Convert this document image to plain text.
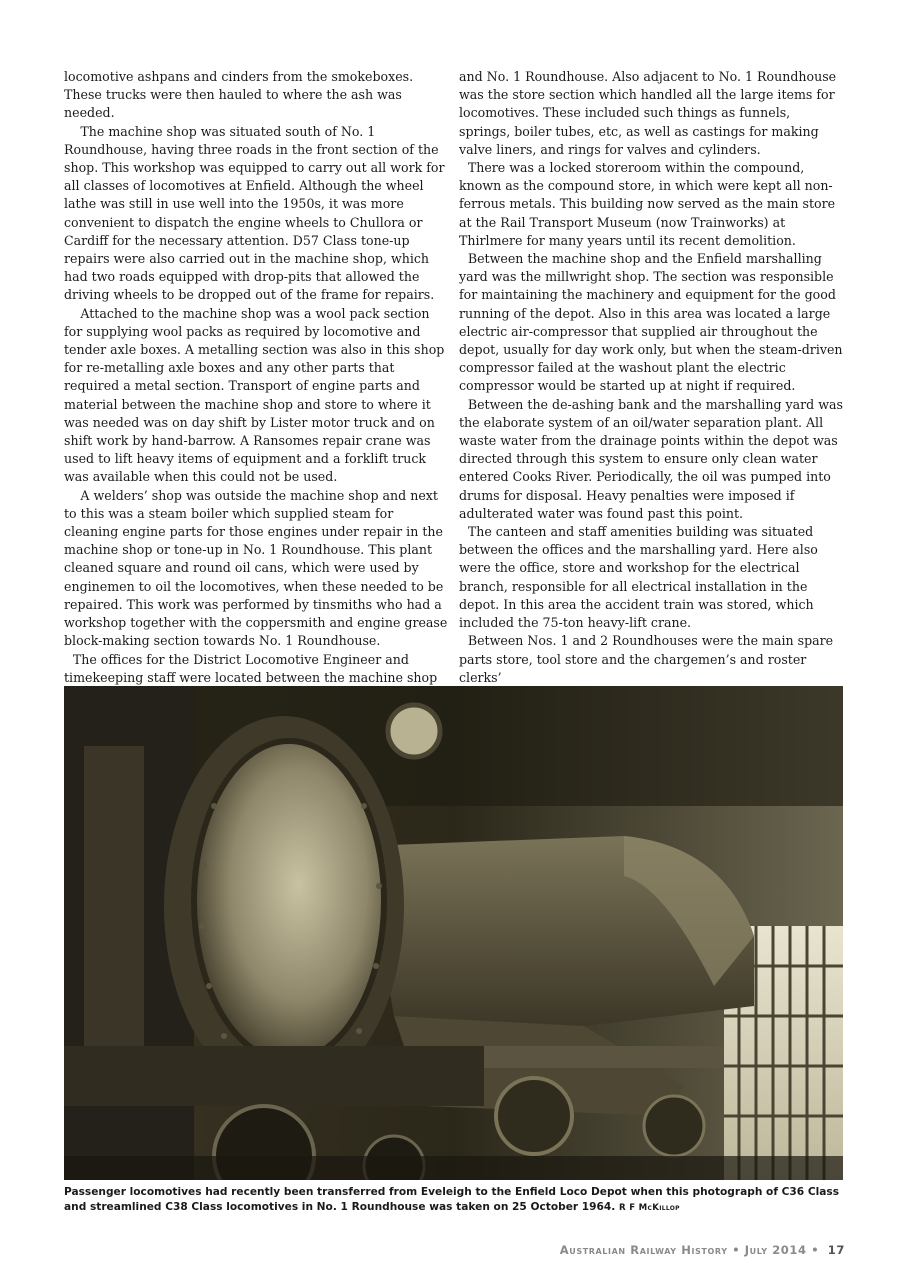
locomotive ashpans and cinders from the smokeboxes. These trucks were then hauled to where the ash was needed.

The machine shop was situated south of No. 1 Roundhouse, having three roads in the front section of the shop. This workshop was equipped to carry out all work for all classes of locomotives at Enfield. Although the wheel lathe was still in use well into the 1950s, it was more convenient to dispatch the engine wheels to Chullora or Cardiff for the necessary attention. D57 Class tone-up repairs were also carried out in the machine shop, which had two roads equipped with drop-pits that allowed the driving wheels to be dropped out of the frame for repairs.

Attached to the machine shop was a wool pack section for supplying wool packs as required by locomotive and tender axle boxes. A metalling section was also in this shop for re-metalling axle boxes and any other parts that required a metal section. Transport of engine parts and material between the machine shop and store to where it was needed was on day shift by Lister motor truck and on shift work by hand-barrow. A Ransomes repair crane was used to lift heavy items of equipment and a forklift truck was available when this could not be used.

A welders’ shop was outside the machine shop and next to this was a steam boiler which supplied steam for cleaning engine parts for those engines under repair in the machine shop or tone-up in No. 1 Roundhouse. This plant cleaned square and round oil cans, which were used by enginemen to oil the locomotives, when these needed to be repaired. This work was performed by tinsmiths who had a workshop together with the coppersmith and engine grease block-making section towards No. 1 Roundhouse.

The offices for the District Locomotive Engineer and timekeeping staff were located between the machine shop

and No. 1 Roundhouse. Also adjacent to No. 1 Roundhouse was the store section which handled all the large items for locomotives. These included such things as funnels, springs, boiler tubes, etc, as well as castings for making valve liners, and rings for valves and cylinders.

There was a locked storeroom within the compound, known as the compound store, in which were kept all non-ferrous metals. This building now served as the main store at the Rail Transport Museum (now Trainworks) at Thirlmere for many years until its recent demolition.

Between the machine shop and the Enfield marshalling yard was the millwright shop. The section was responsible for maintaining the machinery and equipment for the good running of the depot. Also in this area was located a large electric air-compressor that supplied air throughout the depot, usually for day work only, but when the steam-driven compressor failed at the washout plant the electric compressor would be started up at night if required.

Between the de-ashing bank and the marshalling yard was the elaborate system of an oil/water separation plant. All waste water from the drainage points within the depot was directed through this system to ensure only clean water entered Cooks River. Periodically, the oil was pumped into drums for disposal. Heavy penalties were imposed if adulterated water was found past this point.

The canteen and staff amenities building was situated between the offices and the marshalling yard. Here also were the office, store and workshop for the electrical branch, responsible for all electrical installation in the depot. In this area the accident train was stored, which included the 75-ton heavy-lift crane.

Between Nos. 1 and 2 Roundhouses were the main spare parts store, tool store and the chargemen’s and roster clerks’

Passenger locomotives had recently been transferred from Eveleigh to the Enfield Loco Depot when this photograph of C36 Class and streamlined C38 Class locomotives in No. 1 Roundhouse was taken on 25 October 1964. R F McKillop
Australian Railway History • July 2014 • 17
